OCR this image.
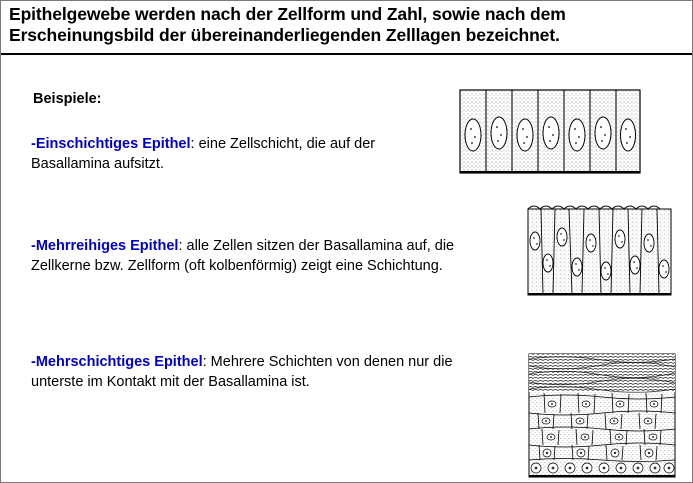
Epithelgewebe werden nach der Zellform und Zahl, sowie nach dem
Erscheinungsbild der übereinanderliegenden Zelllagen bezeichnet.
Beispiele:
-Einschichtiges Epithel: eine Zellschicht, die auf der Basallamina aufsitzt.
-Mehrreihiges Epithel: alle Zellen sitzen der Basallamina auf, die Zellkerne bzw. Zellform (oft kolbenförmig) zeigt eine Schichtung.
-Mehrschichtiges Epithel: Mehrere Schichten von denen nur die unterste im Kontakt mit der Basallamina ist.
